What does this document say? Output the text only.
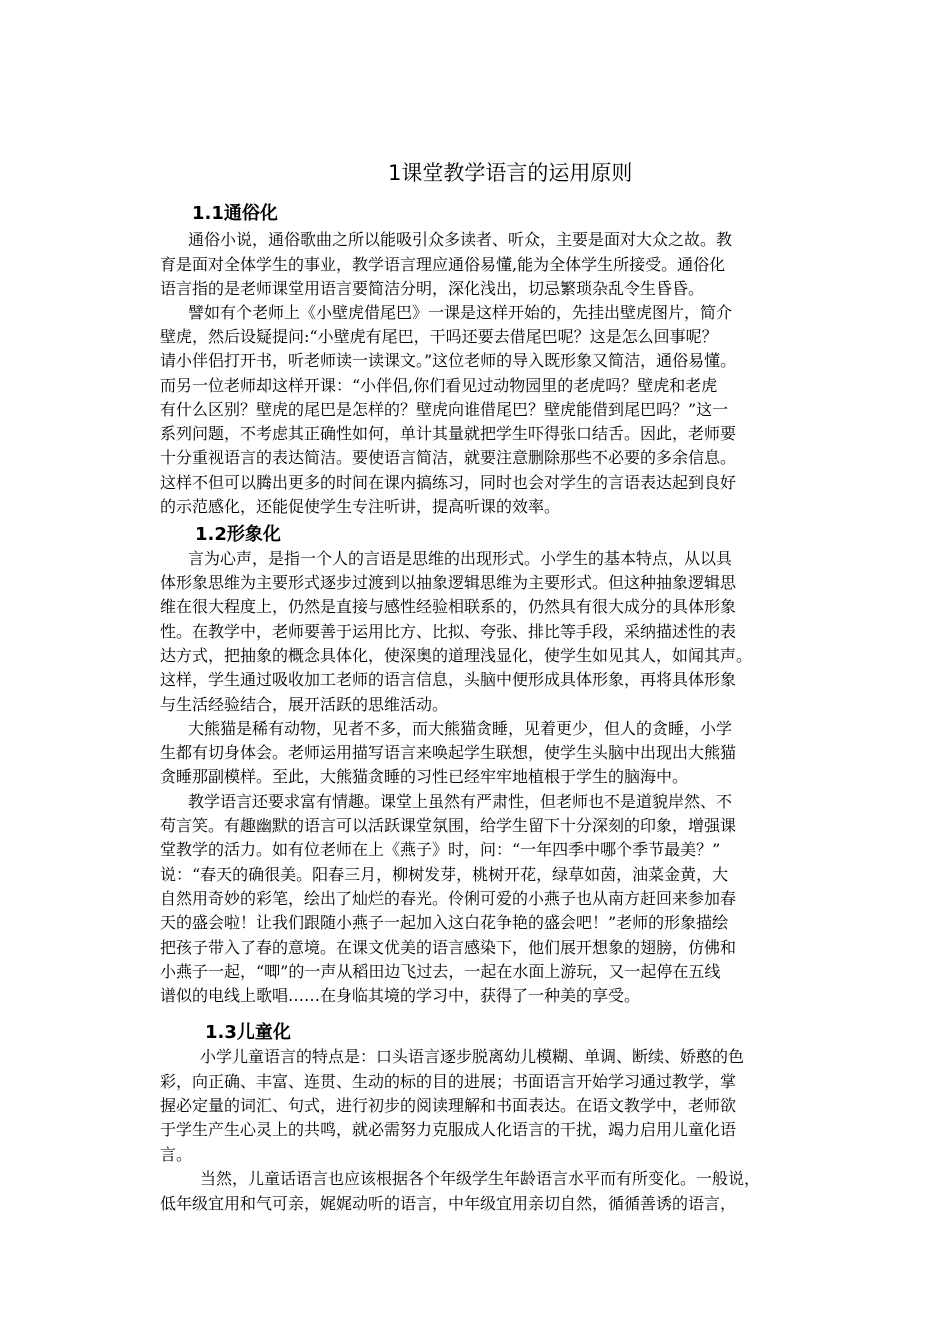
1课堂教学语言的运用原则
1.1通俗化
通俗小说，通俗歌曲之所以能吸引众多读者、听众，主要是面对大众之故。教
育是面对全体学生的事业，教学语言理应通俗易懂,能为全体学生所接受。通俗化
语言指的是老师课堂用语言要简洁分明，深化浅出，切忌繁琐杂乱令生昏昏。
譬如有个老师上《小壁虎借尾巴》一课是这样开始的，先挂出壁虎图片，简介
壁虎，然后设疑提问:“小壁虎有尾巴，干吗还要去借尾巴呢？这是怎么回事呢？
请小伴侣打开书，听老师读一读课文。”这位老师的导入既形象又简洁，通俗易懂。
而另一位老师却这样开课：“小伴侣,你们看见过动物园里的老虎吗？壁虎和老虎
有什么区别？壁虎的尾巴是怎样的？壁虎向谁借尾巴？壁虎能借到尾巴吗？”这一
系列问题，不考虑其正确性如何，单计其量就把学生吓得张口结舌。因此，老师要
十分重视语言的表达简洁。要使语言简洁，就要注意删除那些不必要的多余信息。
这样不但可以腾出更多的时间在课内搞练习，同时也会对学生的言语表达起到良好
的示范感化，还能促使学生专注听讲，提高听课的效率。
1.2形象化
言为心声，是指一个人的言语是思维的出现形式。小学生的基本特点，从以具
体形象思维为主要形式逐步过渡到以抽象逻辑思维为主要形式。但这种抽象逻辑思
维在很大程度上，仍然是直接与感性经验相联系的，仍然具有很大成分的具体形象
性。在教学中，老师要善于运用比方、比拟、夸张、排比等手段，采纳描述性的表
达方式，把抽象的概念具体化，使深奥的道理浅显化，使学生如见其人，如闻其声。
这样，学生通过吸收加工老师的语言信息，头脑中便形成具体形象，再将具体形象
与生活经验结合，展开活跃的思维活动。
大熊猫是稀有动物，见者不多，而大熊猫贪睡，见着更少，但人的贪睡，小学
生都有切身体会。老师运用描写语言来唤起学生联想，使学生头脑中出现出大熊猫
贪睡那副模样。至此，大熊猫贪睡的习性已经牢牢地植根于学生的脑海中。
教学语言还要求富有情趣。课堂上虽然有严肃性，但老师也不是道貌岸然、不
苟言笑。有趣幽默的语言可以活跃课堂氛围，给学生留下十分深刻的印象，增强课
堂教学的活力。如有位老师在上《燕子》时，问：“一年四季中哪个季节最美？”
说：“春天的确很美。阳春三月，柳树发芽，桃树开花，绿草如茵，油菜金黄，大
自然用奇妙的彩笔，绘出了灿烂的春光。伶俐可爱的小燕子也从南方赶回来参加春
天的盛会啦！让我们跟随小燕子一起加入这白花争艳的盛会吧！”老师的形象描绘
把孩子带入了春的意境。在课文优美的语言感染下，他们展开想象的翅膀，仿佛和
小燕子一起，“唧”的一声从稻田边飞过去，一起在水面上游玩，又一起停在五线
谱似的电线上歌唱……在身临其境的学习中，获得了一种美的享受。
1.3儿童化
小学儿童语言的特点是：口头语言逐步脱离幼儿模糊、单调、断续、娇憨的色
彩，向正确、丰富、连贯、生动的标的目的进展；书面语言开始学习通过教学，掌
握必定量的词汇、句式，进行初步的阅读理解和书面表达。在语文教学中，老师欲
于学生产生心灵上的共鸣，就必需努力克服成人化语言的干扰，竭力启用儿童化语
言。
当然，儿童话语言也应该根据各个年级学生年龄语言水平而有所变化。一般说，
低年级宜用和气可亲，娓娓动听的语言，中年级宜用亲切自然，循循善诱的语言，
